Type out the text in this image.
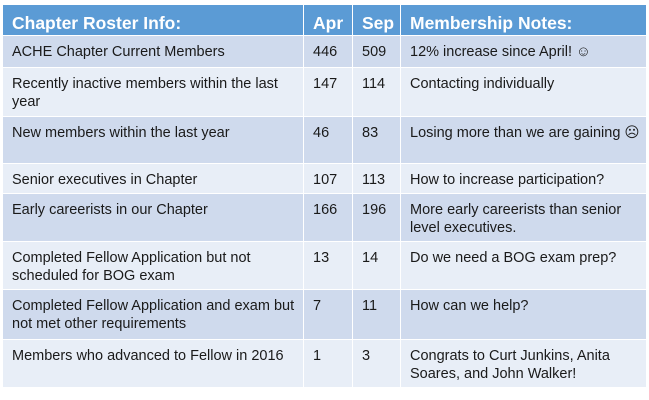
Chapter Roster Info:	Apr	Sep	Membership Notes:
ACHE Chapter Current Members	446	509	12% increase since April! ☺
Recently inactive members within the last year	147	114	Contacting individually
New members within the last year	46	83	Losing more than we are gaining ☹
Senior executives in Chapter	107	113	How to increase participation?
Early careerists in our Chapter	166	196	More early careerists than senior level executives.
Completed Fellow Application but not scheduled for BOG exam	13	14	Do we need a BOG exam prep?
Completed Fellow Application and exam but not met other requirements	7	11	How can we help?
Members who advanced to Fellow in 2016	1	3	Congrats to Curt Junkins, Anita Soares, and John Walker!
